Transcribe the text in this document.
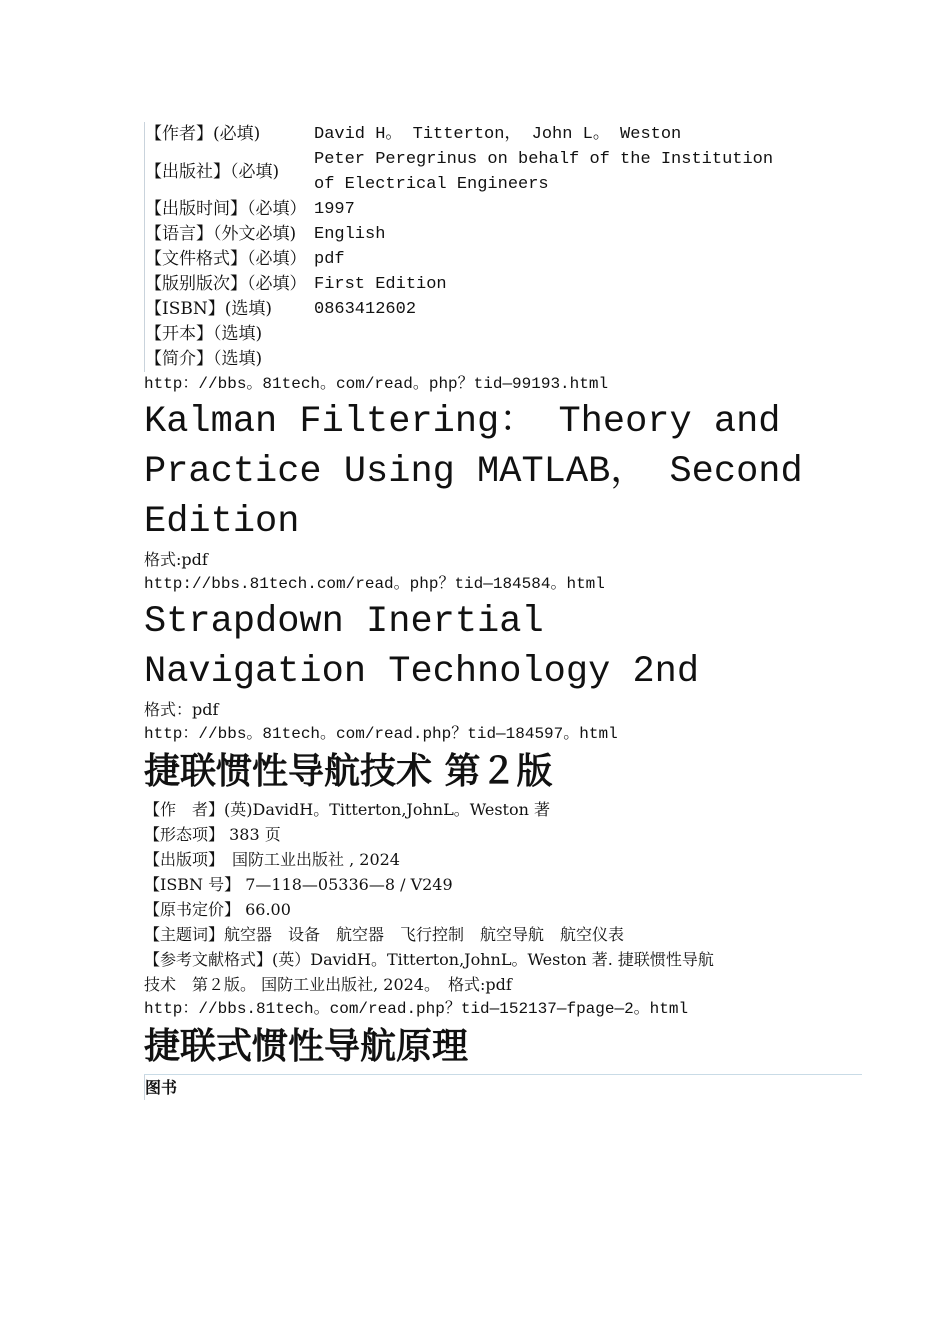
【作者】(必填)	David H。 Titterton， John L。 Weston
【出版社】（必填)	Peter Peregrinus on behalf of the Institution of Electrical Engineers
【出版时间】（必填）	1997
【语言】（外文必填)	English
【文件格式】（必填）	pdf
【版别版次】（必填）	First Edition
【ISBN】(选填)	0863412602
【开本】（选填)	
【简介】（选填)	
http：//bbs。81tech。com/read。php？tid—99193.html
Kalman Filtering： Theory and Practice Using MATLAB， Second Edition
格式:pdf
http://bbs.81tech.com/read。php？tid—184584。html
Strapdown Inertial Navigation Technology 2nd
格式：pdf
http：//bbs。81tech。com/read.php？tid—184597。html
捷联惯性导航技术 第２版
【作　者】(英)DavidH。Titterton,JohnL。Weston 著
【形态项】 383 页
【出版项】　国防工业出版社 , 2024
【ISBN 号】 7—118—05336—8 / V249
【原书定价】 66.00
【主题词】航空器　设备　航空器　飞行控制　航空导航　航空仪表
【参考文献格式】(英）DavidH。Titterton,JohnL。Weston 著. 捷联惯性导航
技术　第２版。 国防工业出版社, 2024。　格式:pdf
http：//bbs.81tech。com/read.php？tid—152137—fpage—2。html
捷联式惯性导航原理
图书
